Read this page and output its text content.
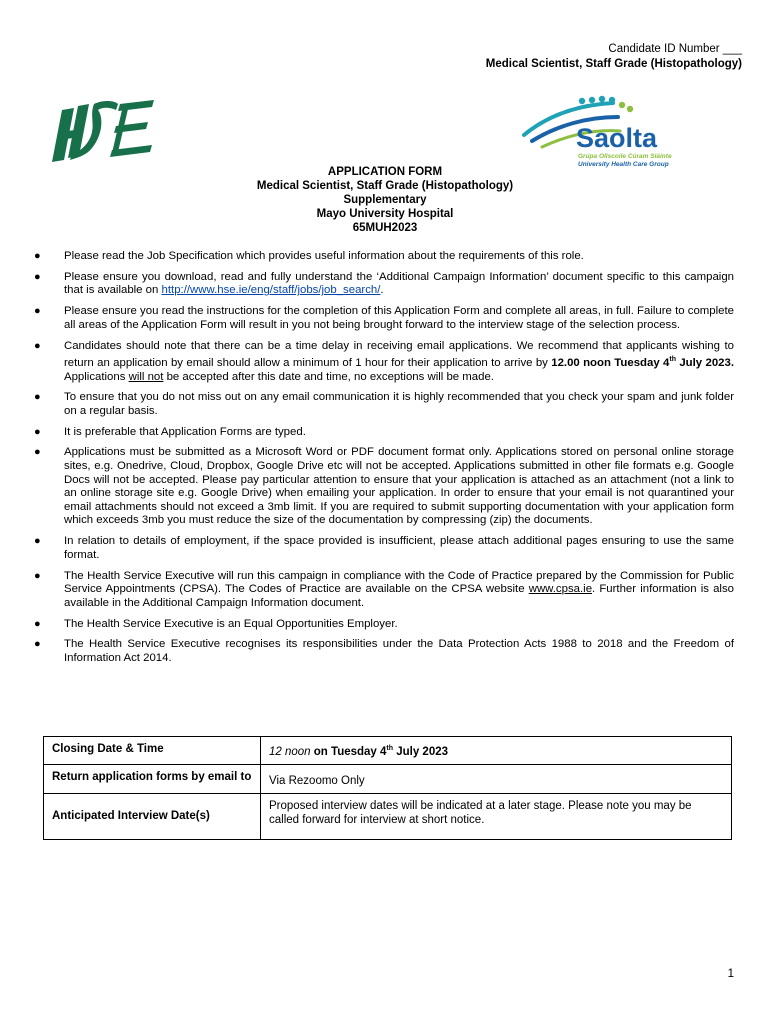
Candidate ID Number ___
Medical Scientist, Staff Grade (Histopathology)
Saolta
Grúpa Ollscoile Cúram Sláinte
University Health Care Group
APPLICATION FORM
Medical Scientist, Staff Grade (Histopathology)
Supplementary
Mayo University Hospital
65MUH2023
● Please read the Job Specification which provides useful information about the requirements of this role.
● Please ensure you download, read and fully understand the ‘Additional Campaign Information’ document specific to this campaign that is available on http://www.hse.ie/eng/staff/jobs/job_search/.
● Please ensure you read the instructions for the completion of this Application Form and complete all areas, in full. Failure to complete all areas of the Application Form will result in you not being brought forward to the interview stage of the selection process.
● Candidates should note that there can be a time delay in receiving email applications. We recommend that applicants wishing to return an application by email should allow a minimum of 1 hour for their application to arrive by 12.00 noon Tuesday 4th July 2023. Applications will not be accepted after this date and time, no exceptions will be made.
● To ensure that you do not miss out on any email communication it is highly recommended that you check your spam and junk folder on a regular basis.
● It is preferable that Application Forms are typed.
● Applications must be submitted as a Microsoft Word or PDF document format only. Applications stored on personal online storage sites, e.g. Onedrive, Cloud, Dropbox, Google Drive etc will not be accepted. Applications submitted in other file formats e.g. Google Docs will not be accepted. Please pay particular attention to ensure that your application is attached as an attachment (not a link to an online storage site e.g. Google Drive) when emailing your application. In order to ensure that your email is not quarantined your email attachments should not exceed a 3mb limit. If you are required to submit supporting documentation with your application form which exceeds 3mb you must reduce the size of the documentation by compressing (zip) the documents.
● In relation to details of employment, if the space provided is insufficient, please attach additional pages ensuring to use the same format.
● The Health Service Executive will run this campaign in compliance with the Code of Practice prepared by the Commission for Public Service Appointments (CPSA). The Codes of Practice are available on the CPSA website www.cpsa.ie. Further information is also available in the Additional Campaign Information document.
● The Health Service Executive is an Equal Opportunities Employer.
● The Health Service Executive recognises its responsibilities under the Data Protection Acts 1988 to 2018 and the Freedom of Information Act 2014.
Closing Date & Time	12 noon on Tuesday 4th July 2023
Return application forms by email to	Via Rezoomo Only
Anticipated Interview Date(s)	Proposed interview dates will be indicated at a later stage. Please note you may be called forward for interview at short notice.
1
